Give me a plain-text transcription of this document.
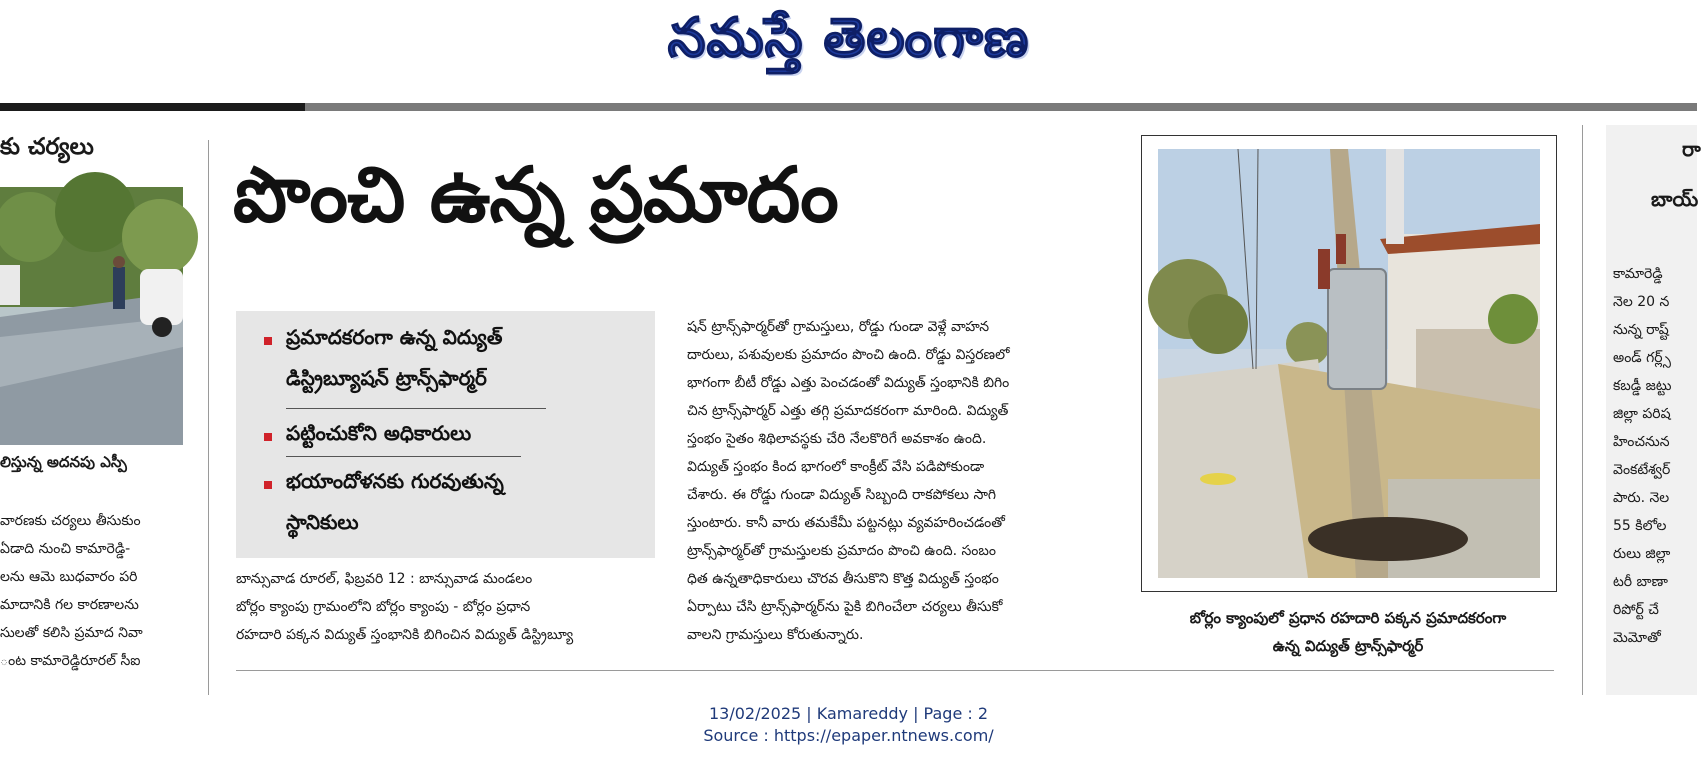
నమస్తే తెలంగాణ
కు చర్యలు
లిస్తున్న అదనపు ఎస్పీ
వారణకు చర్యలు తీసుకుం
ఏడాది నుంచి కామారెడ్డి-
లను ఆమె బుధవారం పరి
మాదానికి గల కారణాలను
సులతో కలిసి ప్రమాద నివా
ంట కామారెడ్డిరూరల్ సీఐ
పొంచి ఉన్న ప్రమాదం
ప్రమాదకరంగా ఉన్న విద్యుత్
డిస్ట్రిబ్యూషన్ ట్రాన్స్‌ఫార్మర్
పట్టించుకోని అధికారులు
భయాందోళనకు గురవుతున్న
స్థానికులు
బాన్సువాడ రూరల్, ఫిబ్రవరి 12 : బాన్సువాడ మండలం
బోర్లం క్యాంపు గ్రామంలోని బోర్లం క్యాంపు - బోర్లం ప్రధాన
రహదారి పక్కన విద్యుత్ స్తంభానికి బిగించిన విద్యుత్ డిస్ట్రిబ్యూ
షన్ ట్రాన్స్‌ఫార్మర్‌తో గ్రామస్తులు, రోడ్డు గుండా వెళ్లే వాహన
దారులు, పశువులకు ప్రమాదం పొంచి ఉంది. రోడ్డు విస్తరణలో
భాగంగా బీటీ రోడ్డు ఎత్తు పెంచడంతో విద్యుత్ స్తంభానికి బిగిం
చిన ట్రాన్స్‌ఫార్మర్ ఎత్తు తగ్గి ప్రమాదకరంగా మారింది. విద్యుత్
స్తంభం సైతం శిథిలావస్థకు చేరి నేలకొరిగే అవకాశం ఉంది.
విద్యుత్ స్తంభం కింద భాగంలో కాంక్రీట్ వేసి పడిపోకుండా
చేశారు. ఈ రోడ్డు గుండా విద్యుత్ సిబ్బంది రాకపోకలు సాగి
స్తుంటారు. కానీ వారు తమకేమీ పట్టనట్లు వ్యవహరించడంతో
ట్రాన్స్‌ఫార్మర్‌తో గ్రామస్తులకు ప్రమాదం పొంచి ఉంది. సంబం
ధిత ఉన్నతాధికారులు చొరవ తీసుకొని కొత్త విద్యుత్ స్తంభం
ఏర్పాటు చేసి ట్రాన్స్‌ఫార్మర్‌ను పైకి బిగించేలా చర్యలు తీసుకో
వాలని గ్రామస్తులు కోరుతున్నారు.
బోర్లం క్యాంపులో ప్రధాన రహదారి పక్కన ప్రమాదకరంగా
ఉన్న విద్యుత్ ట్రాన్స్‌ఫార్మర్
రా
బాయ్
కామారెడ్డి
నెల 20 న
నున్న రాష్ట్
అండ్ గర్ల్స్
కబడ్డీ జట్టు
జిల్లా పరిష
హించనున
వెంకటేశ్వర్
పారు. నెల
55 కిలోల
రులు జిల్లా
టరీ బాణా
రిపోర్ట్ చే
మెమోతో
13/02/2025 | Kamareddy | Page : 2
Source : https://epaper.ntnews.com/
